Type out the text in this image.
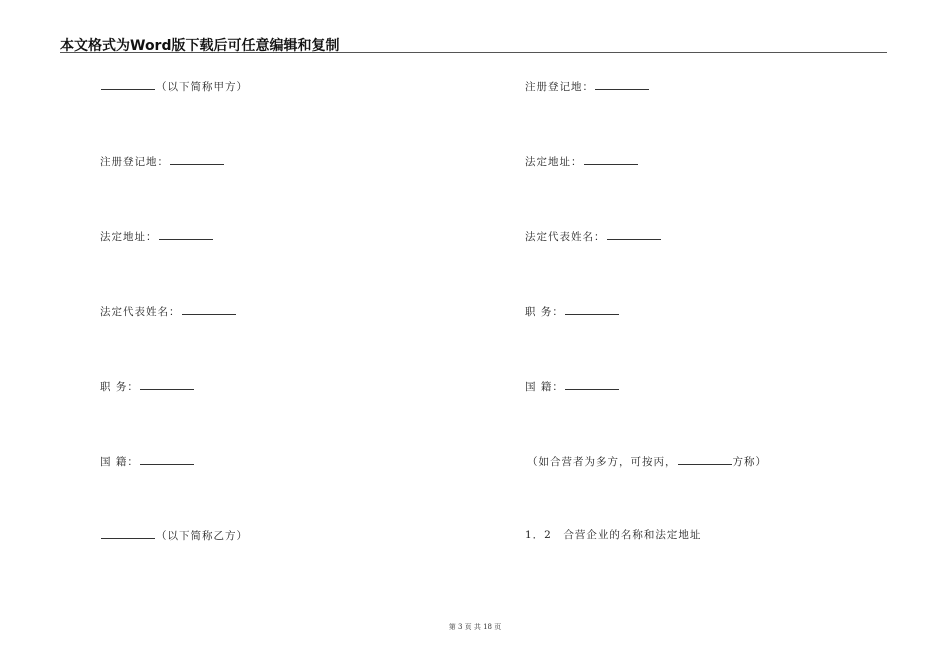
本文格式为Word版下载后可任意编辑和复制
（以下简称甲方）
注册登记地：
法定地址：
法定代表姓名：
职 务：
国 籍：
（以下简称乙方）
注册登记地：
法定地址：
法定代表姓名：
职 务：
国 籍：
（如合营者为多方，可按丙，	方称）
1．2　合营企业的名称和法定地址
第 3 页 共 18 页
